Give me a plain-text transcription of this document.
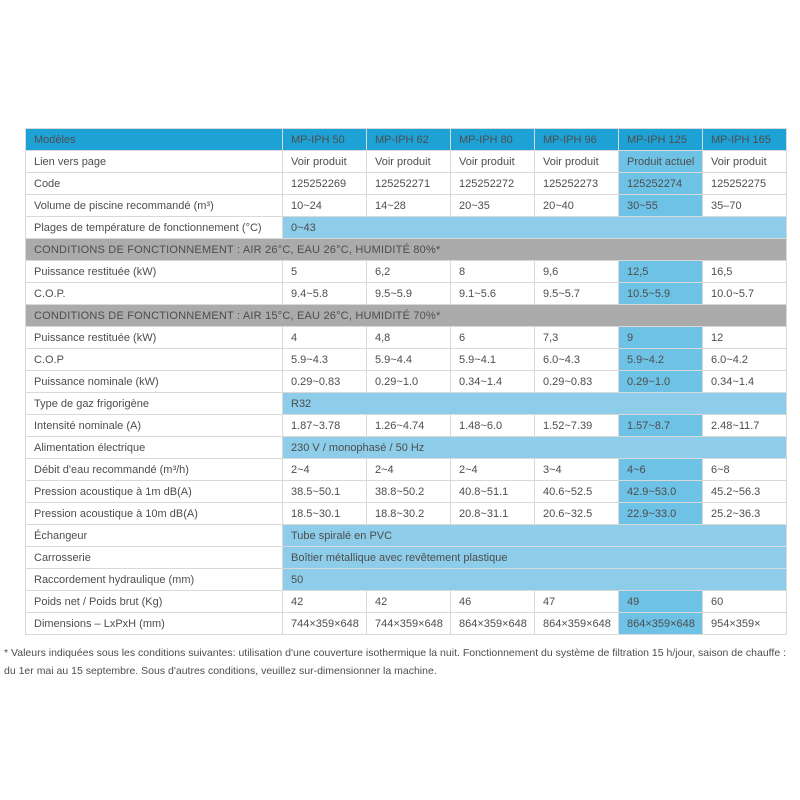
Modèles	MP-IPH 50	MP-IPH 62	MP-IPH 80	MP-IPH 96	MP-IPH 125	MP-IPH 165
Lien vers page	Voir produit	Voir produit	Voir produit	Voir produit	Produit actuel	Voir produit
Code	125252269	125252271	125252272	125252273	125252274	125252275
Volume de piscine recommandé (m³)	10~24	14~28	20~35	20~40	30~55	35–70
Plages de température de fonctionnement (°C)	0~43					
CONDITIONS DE FONCTIONNEMENT : AIR 26°C, EAU 26°C, HUMIDITÉ 80%*						
Puissance restituée (kW)	5	6,2	8	9,6	12,5	16,5
C.O.P.	9.4~5.8	9.5~5.9	9.1~5.6	9.5~5.7	10.5~5.9	10.0~5.7
CONDITIONS DE FONCTIONNEMENT : AIR 15°C, EAU 26°C, HUMIDITÉ 70%*						
Puissance restituée (kW)	4	4,8	6	7,3	9	12
C.O.P	5.9~4.3	5.9~4.4	5.9~4.1	6.0~4.3	5.9~4.2	6.0~4.2
Puissance nominale (kW)	0.29~0.83	0.29~1.0	0.34~1.4	0.29~0.83	0.29~1.0	0.34~1.4
Type de gaz frigorigène	R32					
Intensité nominale (A)	1.87~3.78	1.26~4.74	1.48~6.0	1.52~7.39	1.57~8.7	2.48~11.7
Alimentation électrique	230 V / monophasé / 50 Hz					
Débit d'eau recommandé (m³/h)	2~4	2~4	2~4	3~4	4~6	6~8
Pression acoustique à 1m dB(A)	38.5~50.1	38.8~50.2	40.8~51.1	40.6~52.5	42.9~53.0	45.2~56.3
Pression acoustique à 10m dB(A)	18.5~30.1	18.8~30.2	20.8~31.1	20.6~32.5	22.9~33.0	25.2~36.3
Échangeur	Tube spiralé en PVC					
Carrosserie	Boîtier métallique avec revêtement plastique					
Raccordement hydraulique (mm)	50					
Poids net / Poids brut (Kg)	42	42	46	47	49	60
Dimensions – LxPxH (mm)	744×359×648	744×359×648	864×359×648	864×359×648	864×359×648	954×359×
* Valeurs indiquées sous les conditions suivantes: utilisation d'une couverture isothermique la nuit. Fonctionnement du système de filtration 15 h/jour, saison de chauffe : du 1er mai au 15 septembre. Sous d'autres conditions, veuillez sur-dimensionner la machine.
